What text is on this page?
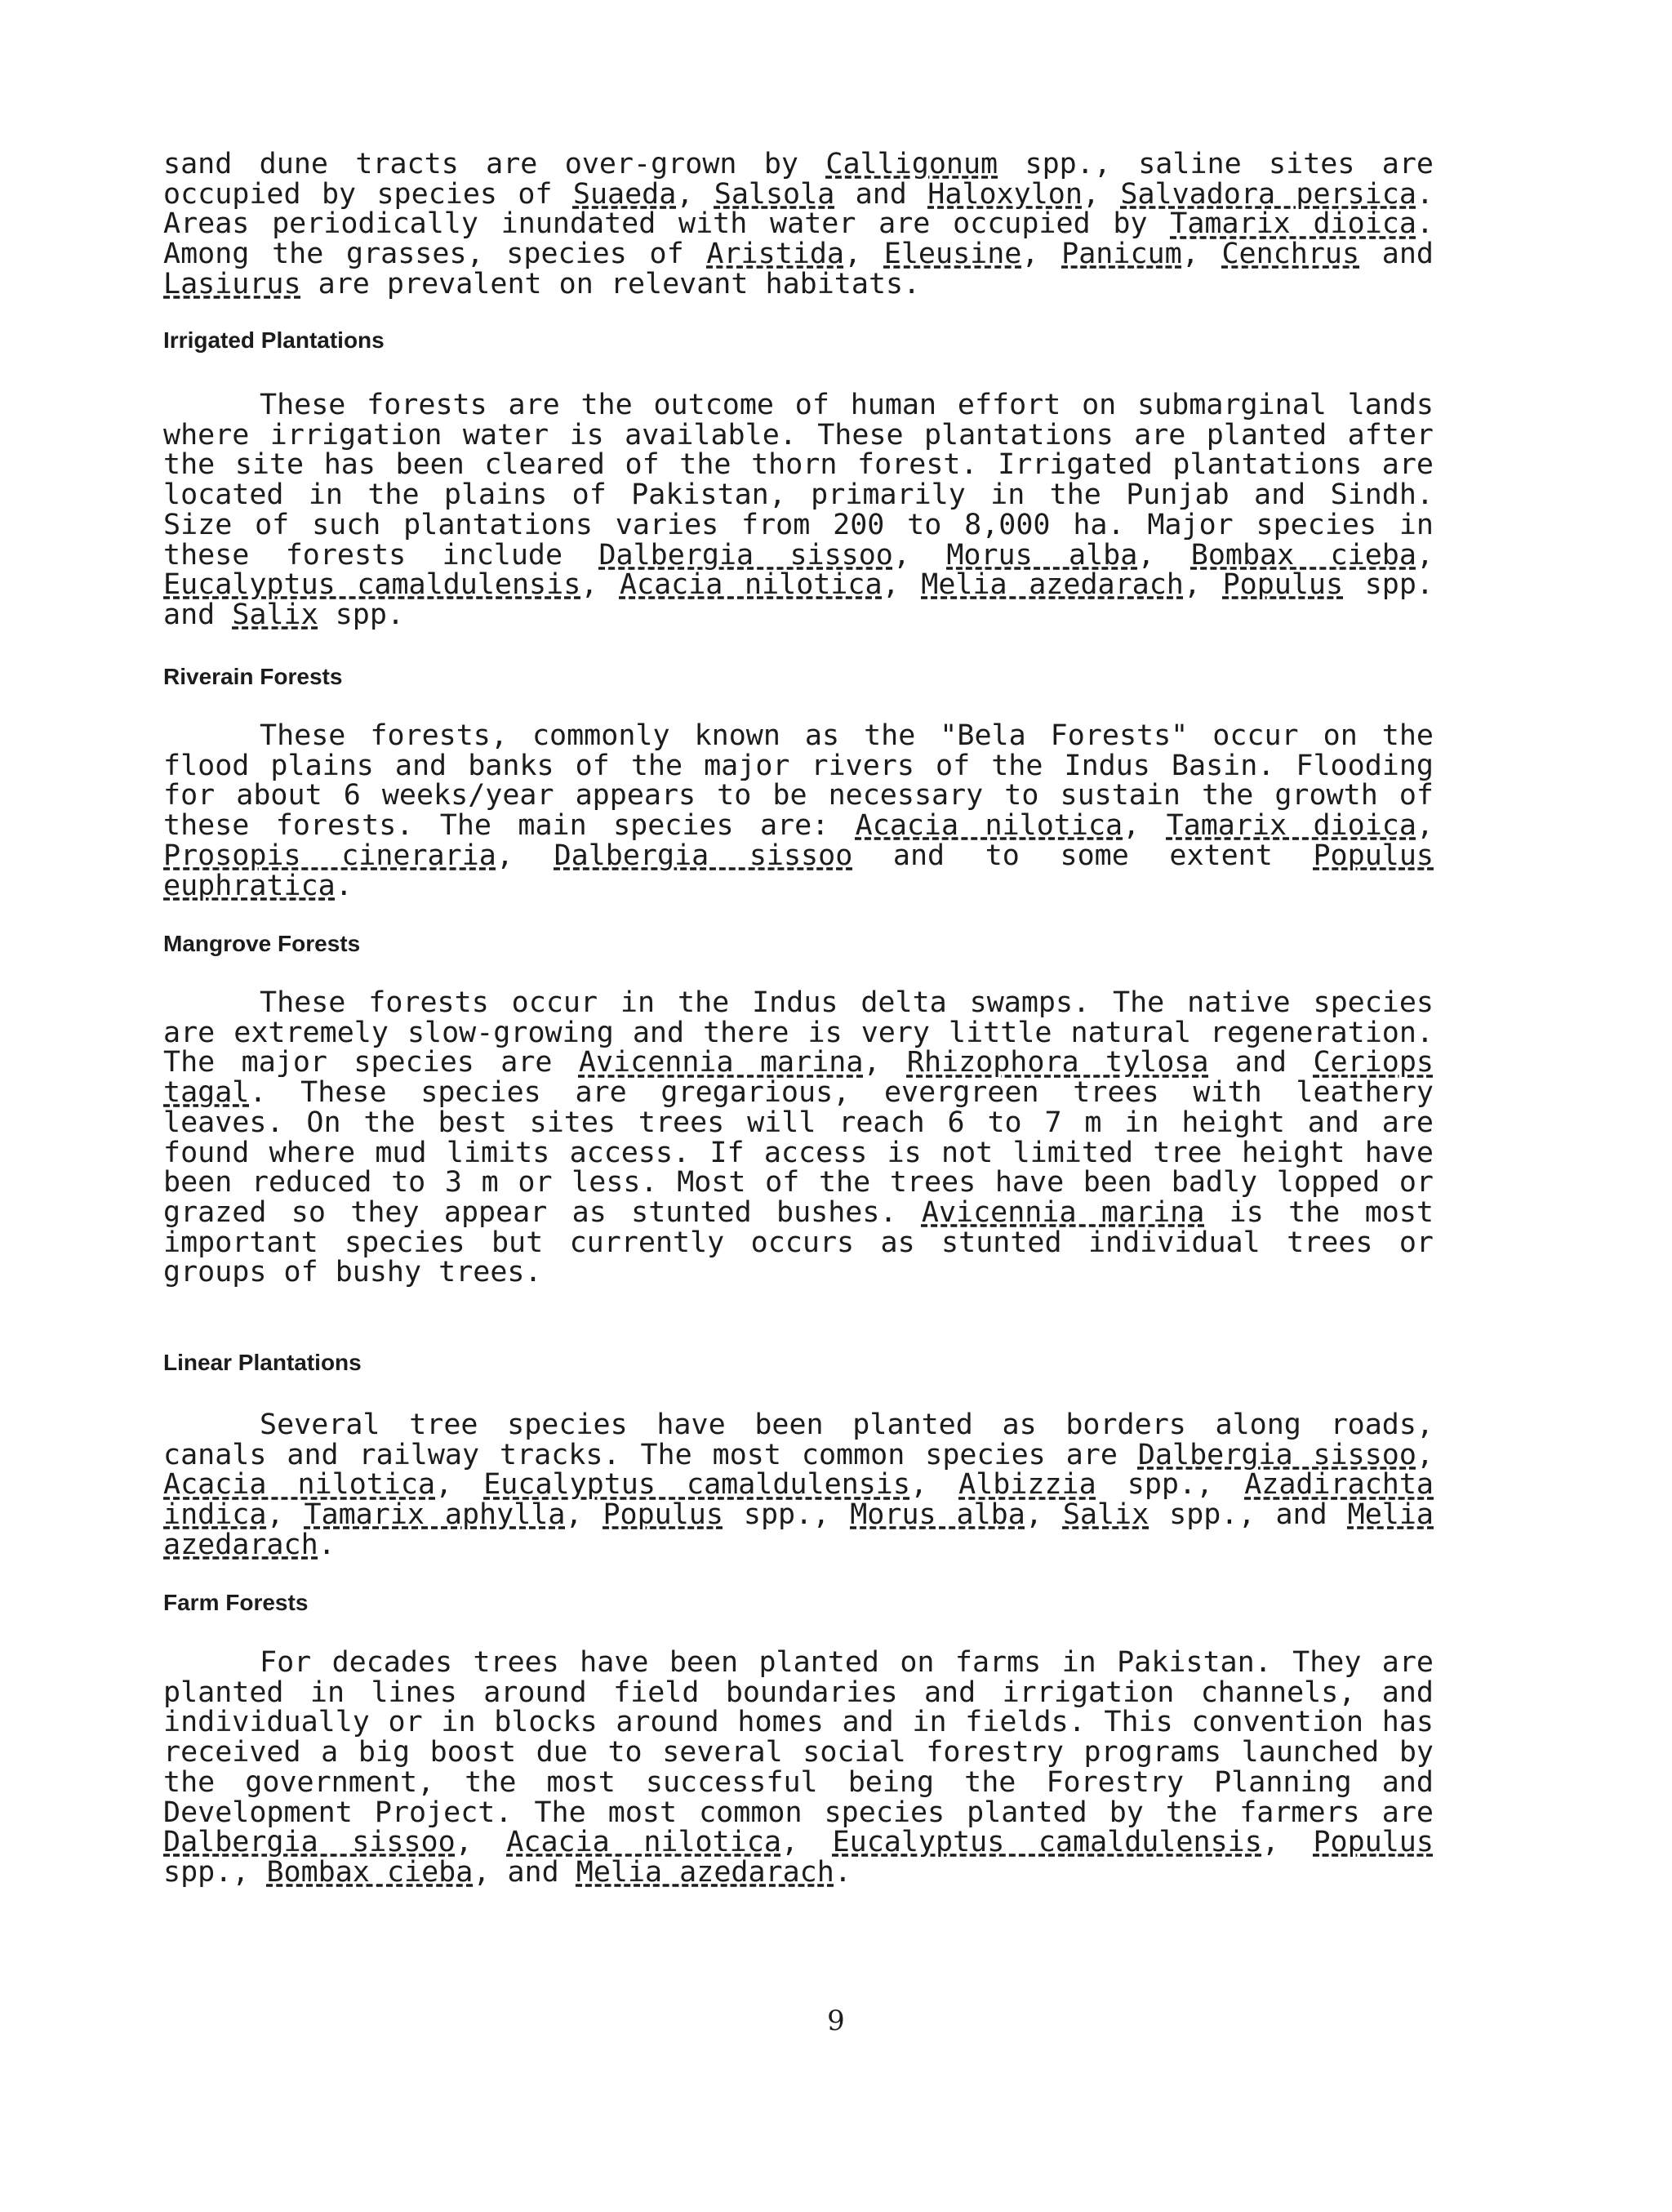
sand dune tracts are over-grown by Calligonum spp., saline sites are occupied by species of Suaeda, Salsola and Haloxylon, Salvadora persica. Areas periodically inundated with water are occupied by Tamarix dioica. Among the grasses, species of Aristida, Eleusine, Panicum, Cenchrus and Lasiurus are prevalent on relevant habitats.

Irrigated Plantations

These forests are the outcome of human effort on submarginal lands where irrigation water is available. These plantations are planted after the site has been cleared of the thorn forest. Irrigated plantations are located in the plains of Pakistan, primarily in the Punjab and Sindh. Size of such plantations varies from 200 to 8,000 ha. Major species in these forests include Dalbergia sissoo, Morus alba, Bombax cieba, Eucalyptus camaldulensis, Acacia nilotica, Melia azedarach, Populus spp. and Salix spp.

Riverain Forests

These forests, commonly known as the "Bela Forests" occur on the flood plains and banks of the major rivers of the Indus Basin. Flooding for about 6 weeks/year appears to be necessary to sustain the growth of these forests. The main species are: Acacia nilotica, Tamarix dioica, Prosopis cineraria, Dalbergia sissoo and to some extent Populus euphratica.

Mangrove Forests

These forests occur in the Indus delta swamps. The native species are extremely slow-growing and there is very little natural regeneration. The major species are Avicennia marina, Rhizophora tylosa and Ceriops tagal. These species are gregarious, evergreen trees with leathery leaves. On the best sites trees will reach 6 to 7 m in height and are found where mud limits access. If access is not limited tree height have been reduced to 3 m or less. Most of the trees have been badly lopped or grazed so they appear as stunted bushes. Avicennia marina is the most important species but currently occurs as stunted individual trees or groups of bushy trees.

Linear Plantations

Several tree species have been planted as borders along roads, canals and railway tracks. The most common species are Dalbergia sissoo, Acacia nilotica, Eucalyptus camaldulensis, Albizzia spp., Azadirachta indica, Tamarix aphylla, Populus spp., Morus alba, Salix spp., and Melia azedarach.

Farm Forests

For decades trees have been planted on farms in Pakistan. They are planted in lines around field boundaries and irrigation channels, and individually or in blocks around homes and in fields. This convention has received a big boost due to several social forestry programs launched by the government, the most successful being the Forestry Planning and Development Project. The most common species planted by the farmers are Dalbergia sissoo, Acacia nilotica, Eucalyptus camaldulensis, Populus spp., Bombax cieba, and Melia azedarach.

9
